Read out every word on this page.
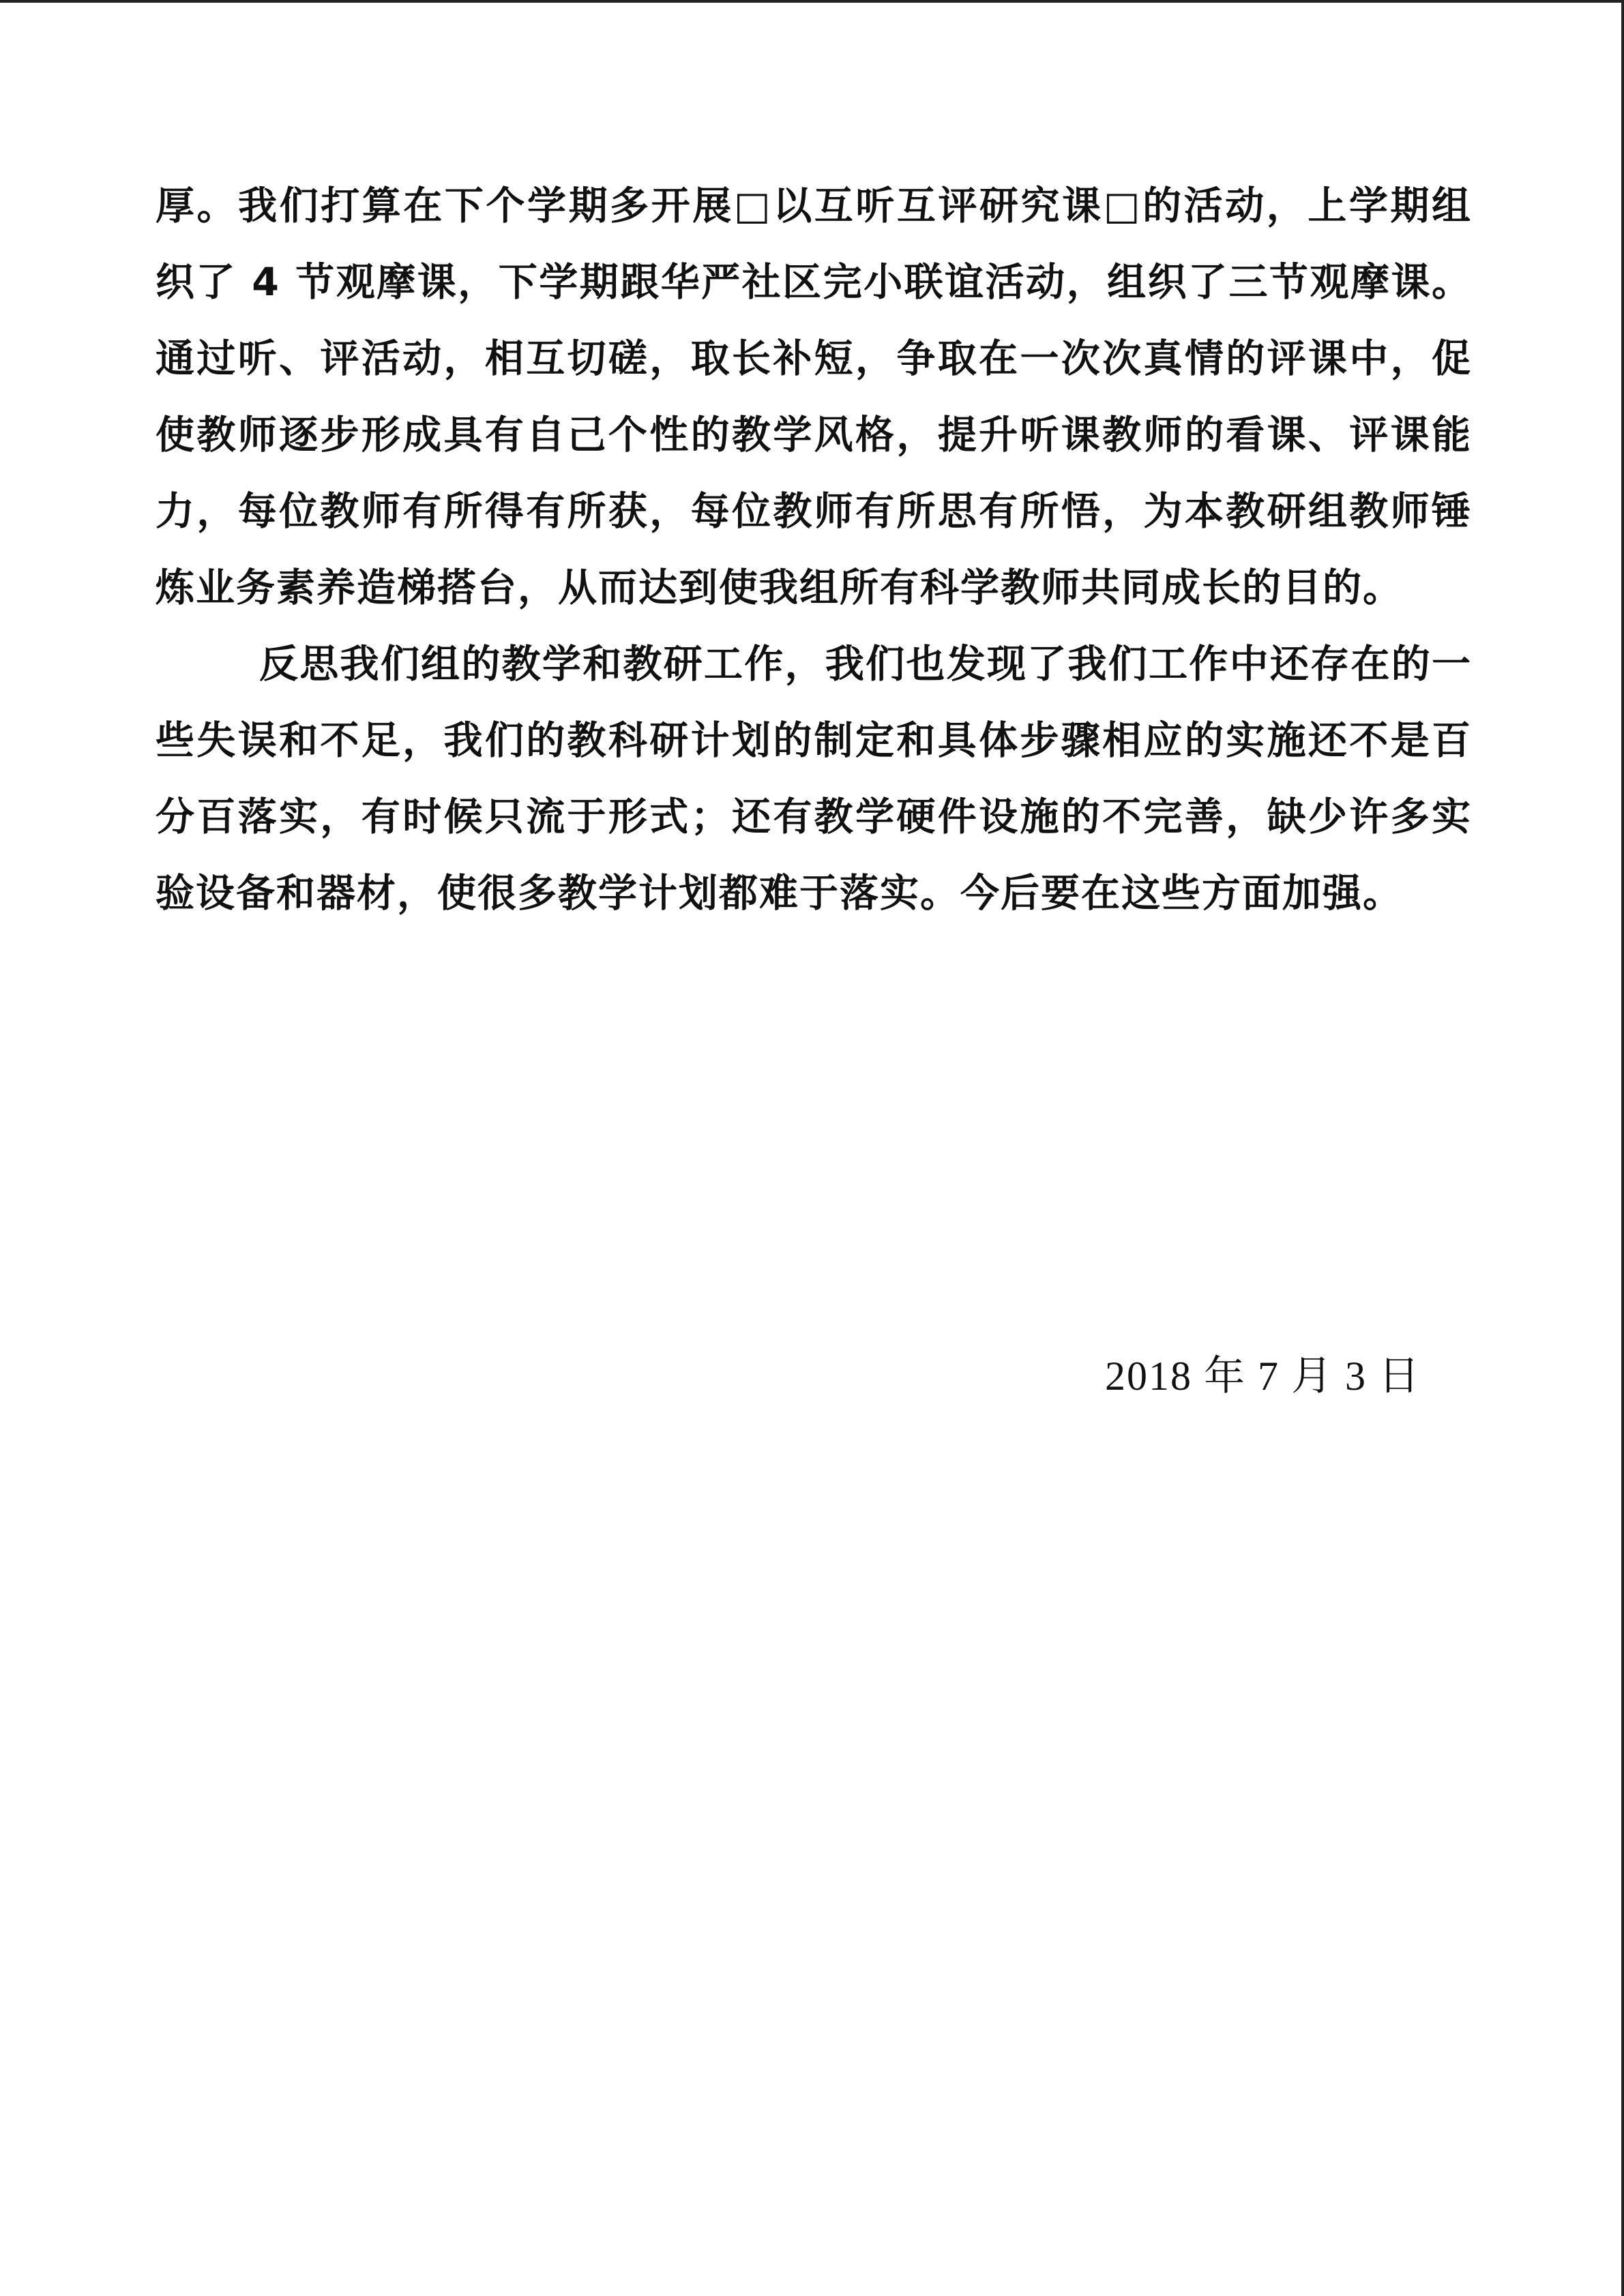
厚。我们打算在下个学期多开展□以互听互评研究课□的活动，上学期组织了 4 节观摩课，下学期跟华严社区完小联谊活动，组织了三节观摩课。通过听、评活动，相互切磋，取长补短，争取在一次次真情的评课中，促使教师逐步形成具有自己个性的教学风格，提升听课教师的看课、评课能力，每位教师有所得有所获，每位教师有所思有所悟，为本教研组教师锤炼业务素养造梯搭台，从而达到使我组所有科学教师共同成长的目的。

反思我们组的教学和教研工作，我们也发现了我们工作中还存在的一些失误和不足，我们的教科研计划的制定和具体步骤相应的实施还不是百分百落实，有时候只流于形式；还有教学硬件设施的不完善，缺少许多实验设备和器材，使很多教学计划都难于落实。今后要在这些方面加强。

2018 年 7 月 3 日
